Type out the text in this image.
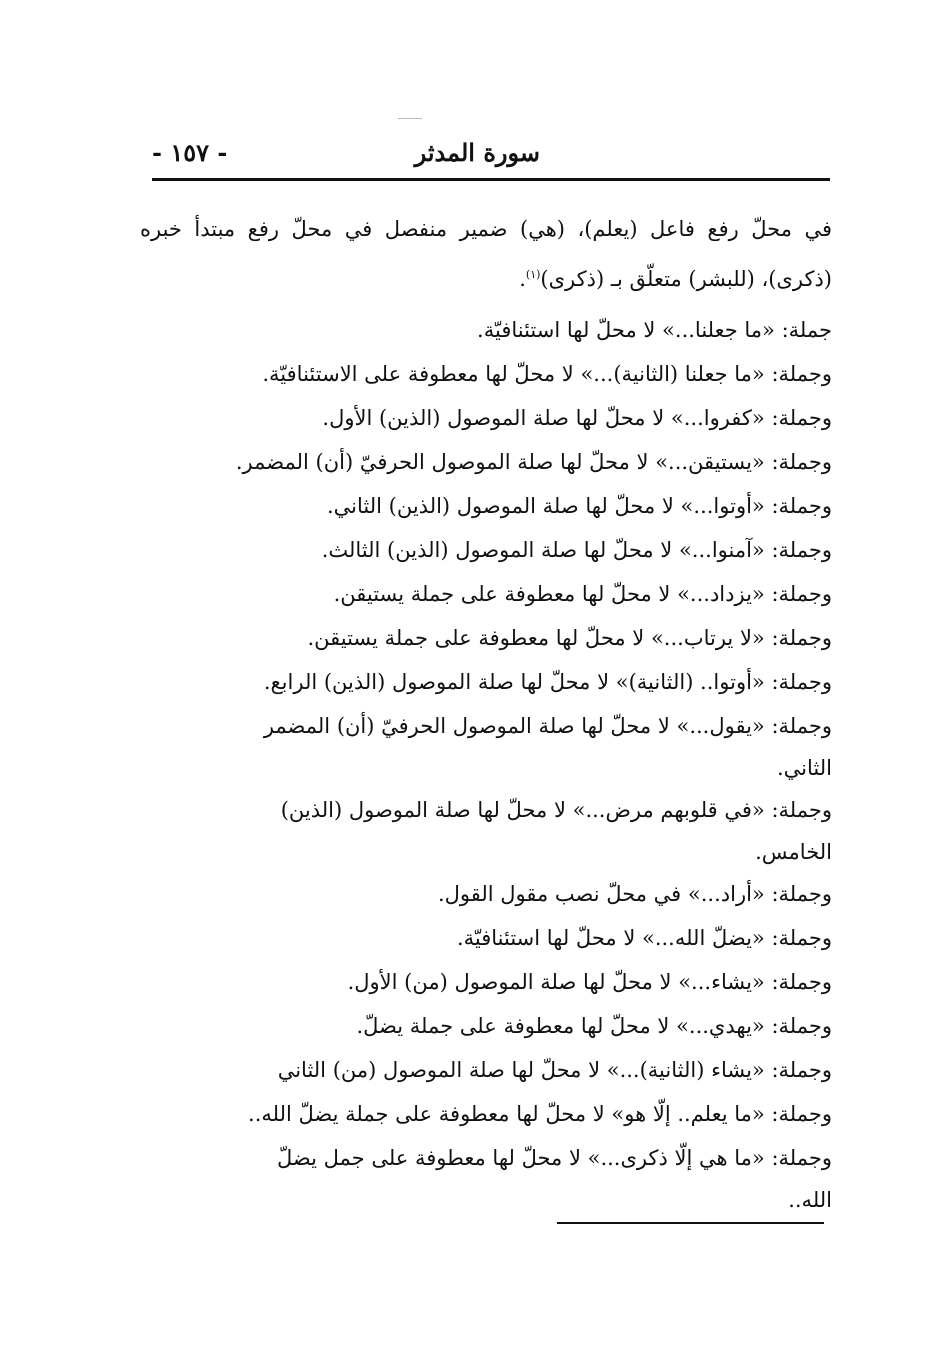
سورة المدثر
- ١٥٧ -

في محلّ رفع فاعل (يعلم)، (هي) ضمير منفصل في محلّ رفع مبتدأ خبره (ذكرى)، (للبشر) متعلّق بـ (ذكرى)$^{(١)}$.

جملة: «ما جعلنا...» لا محلّ لها استئنافيّة.
وجملة: «ما جعلنا (الثانية)...» لا محلّ لها معطوفة على الاستئنافيّة.
وجملة: «كفروا...» لا محلّ لها صلة الموصول (الذين) الأول.
وجملة: «يستيقن...» لا محلّ لها صلة الموصول الحرفيّ (أن) المضمر.
وجملة: «أوتوا...» لا محلّ لها صلة الموصول (الذين) الثاني.
وجملة: «آمنوا...» لا محلّ لها صلة الموصول (الذين) الثالث.
وجملة: «يزداد...» لا محلّ لها معطوفة على جملة يستيقن.
وجملة: «لا يرتاب...» لا محلّ لها معطوفة على جملة يستيقن.
وجملة: «أوتوا.. (الثانية)» لا محلّ لها صلة الموصول (الذين) الرابع.
وجملة: «يقول...» لا محلّ لها صلة الموصول الحرفيّ (أن) المضمر
الثاني.
وجملة: «في قلوبهم مرض...» لا محلّ لها صلة الموصول (الذين)
الخامس.
وجملة: «أراد...» في محلّ نصب مقول القول.
وجملة: «يضلّ الله...» لا محلّ لها استئنافيّة.
وجملة: «يشاء...» لا محلّ لها صلة الموصول (من) الأول.
وجملة: «يهدي...» لا محلّ لها معطوفة على جملة يضلّ.
وجملة: «يشاء (الثانية)...» لا محلّ لها صلة الموصول (من) الثاني
وجملة: «ما يعلم.. إلّا هو» لا محلّ لها معطوفة على جملة يضلّ الله..
وجملة: «ما هي إلّا ذكرى...» لا محلّ لها معطوفة على جمل يضلّ
الله..
